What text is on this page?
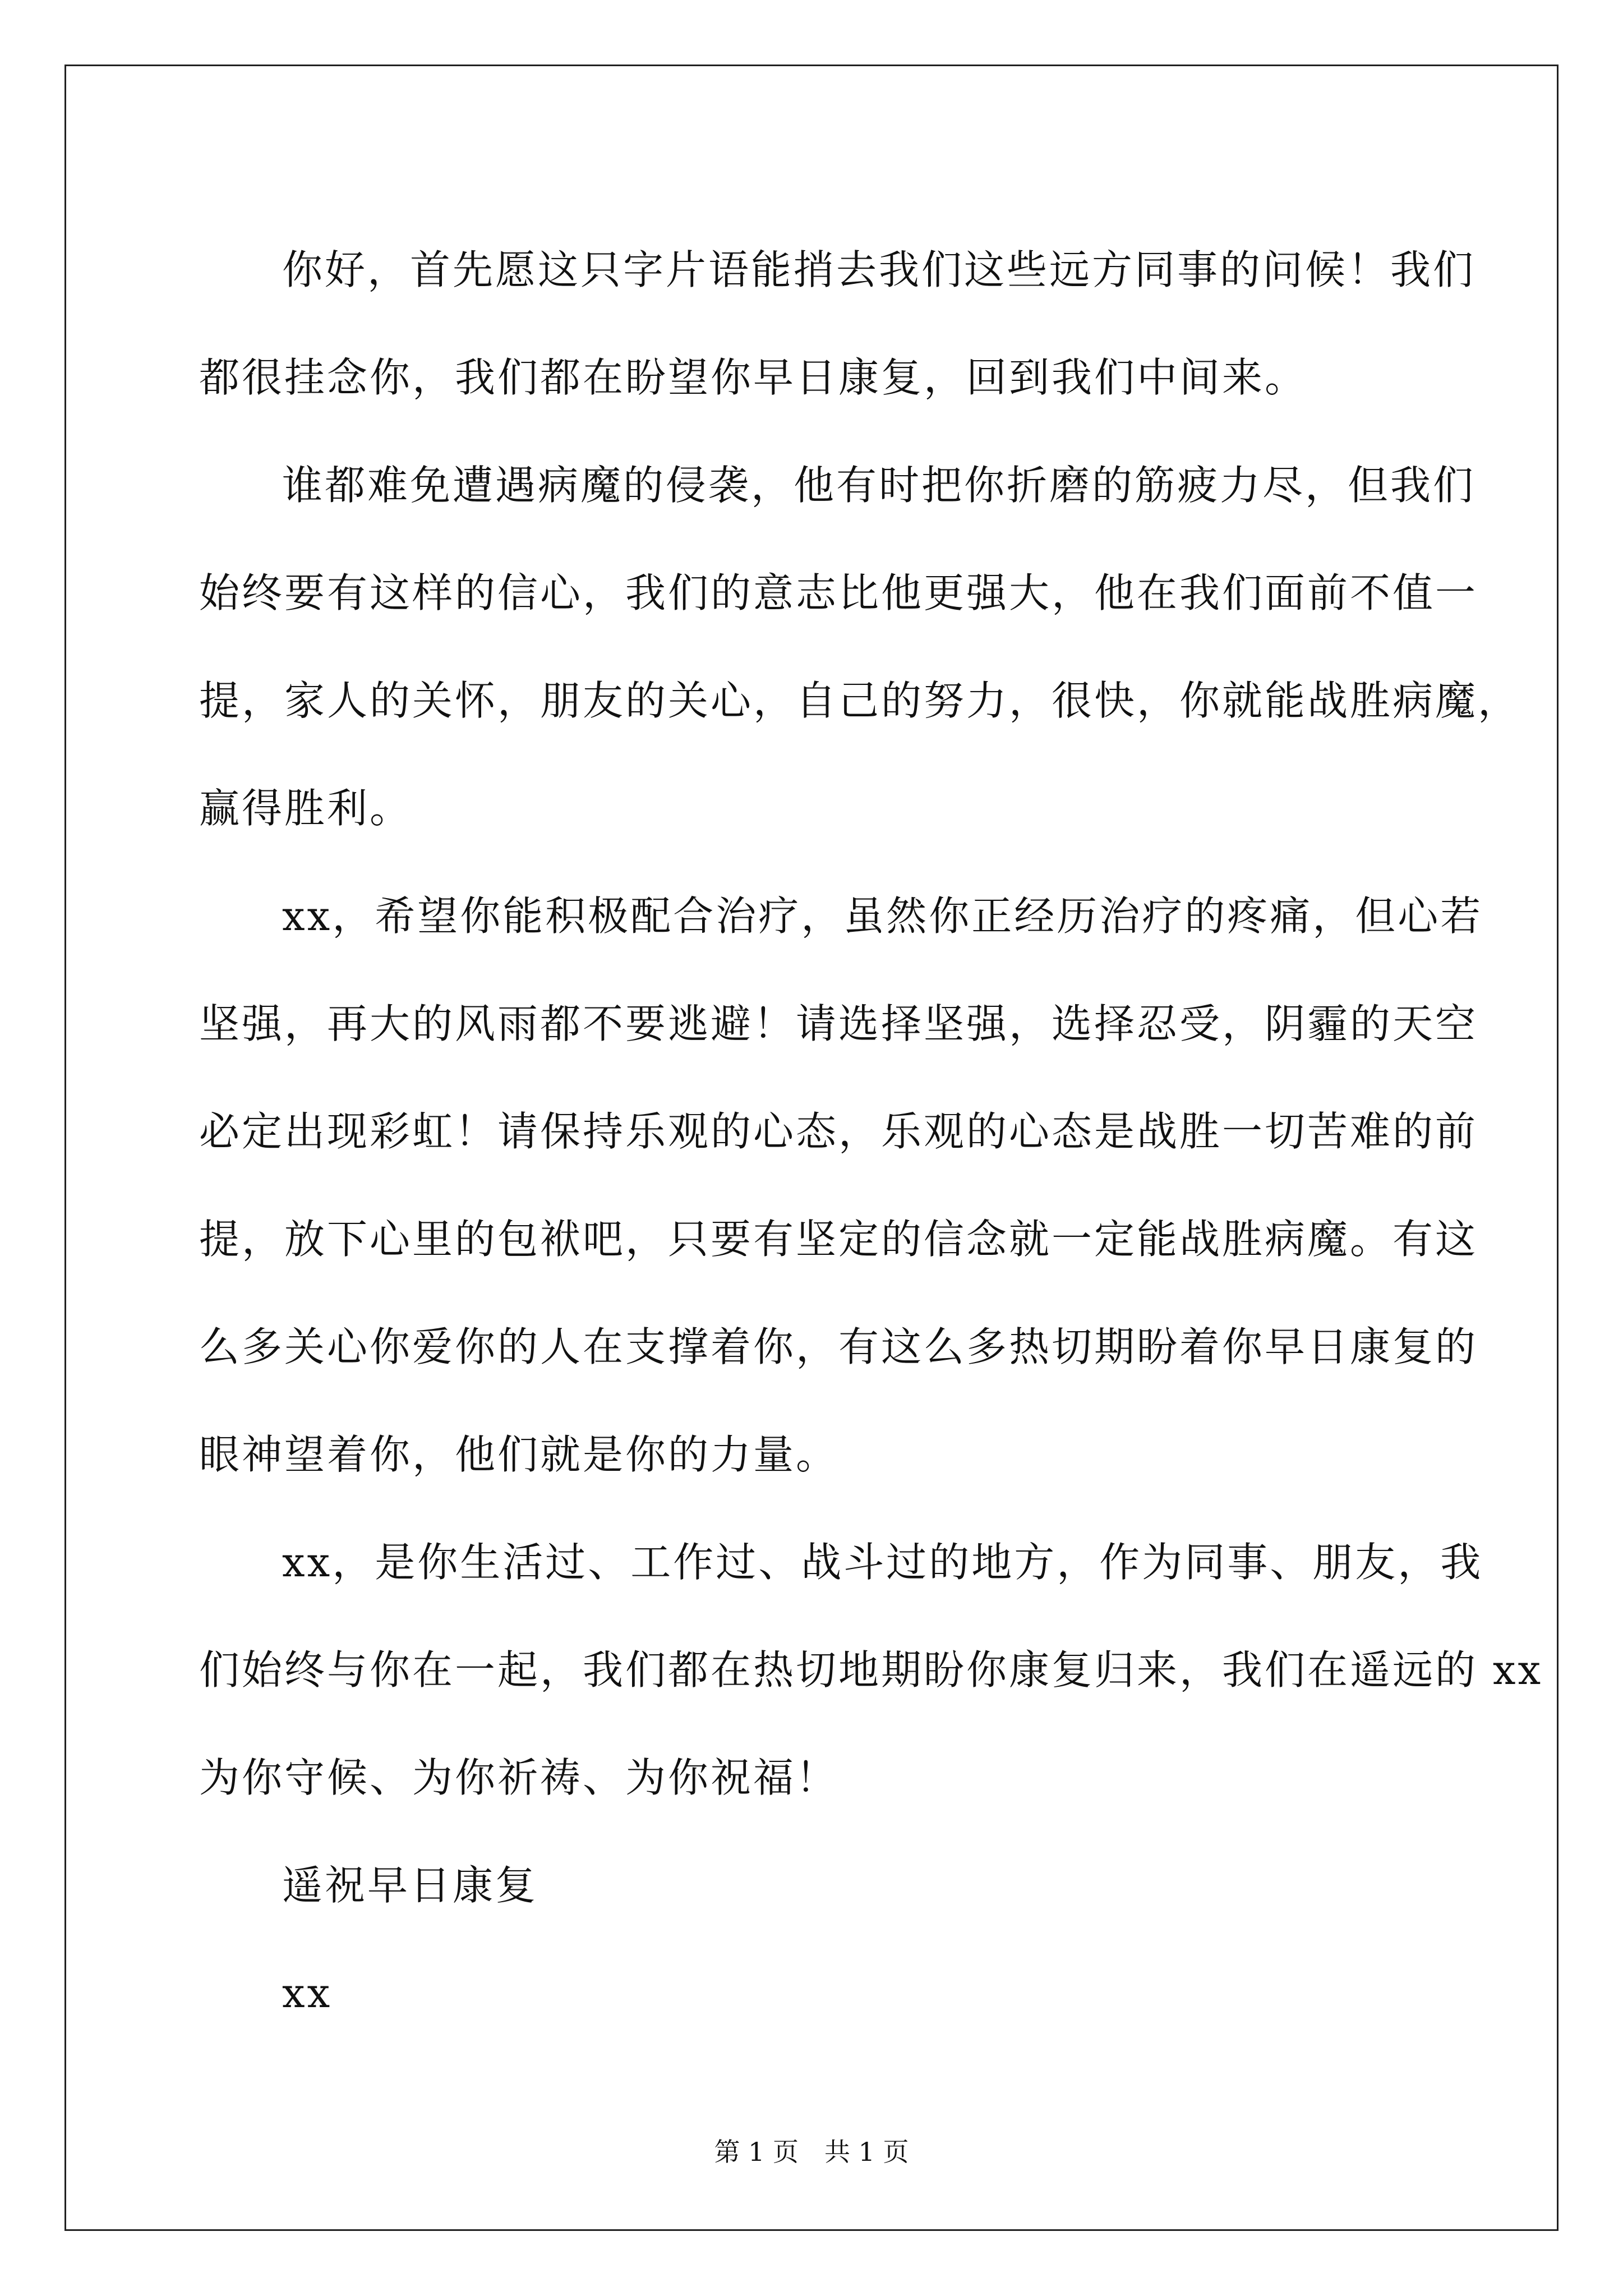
你好，首先愿这只字片语能捎去我们这些远方同事的问候！我们
都很挂念你，我们都在盼望你早日康复，回到我们中间来。
谁都难免遭遇病魔的侵袭，他有时把你折磨的筋疲力尽，但我们
始终要有这样的信心，我们的意志比他更强大，他在我们面前不值一
提，家人的关怀，朋友的关心，自己的努力，很快，你就能战胜病魔，
赢得胜利。
xx，希望你能积极配合治疗，虽然你正经历治疗的疼痛，但心若
坚强，再大的风雨都不要逃避！请选择坚强，选择忍受，阴霾的天空
必定出现彩虹！请保持乐观的心态，乐观的心态是战胜一切苦难的前
提，放下心里的包袱吧，只要有坚定的信念就一定能战胜病魔。有这
么多关心你爱你的人在支撑着你，有这么多热切期盼着你早日康复的
眼神望着你，他们就是你的力量。
xx，是你生活过、工作过、战斗过的地方，作为同事、朋友，我
们始终与你在一起，我们都在热切地期盼你康复归来，我们在遥远的 xx
为你守候、为你祈祷、为你祝福！
遥祝早日康复
xx
第 1 页　共 1 页
